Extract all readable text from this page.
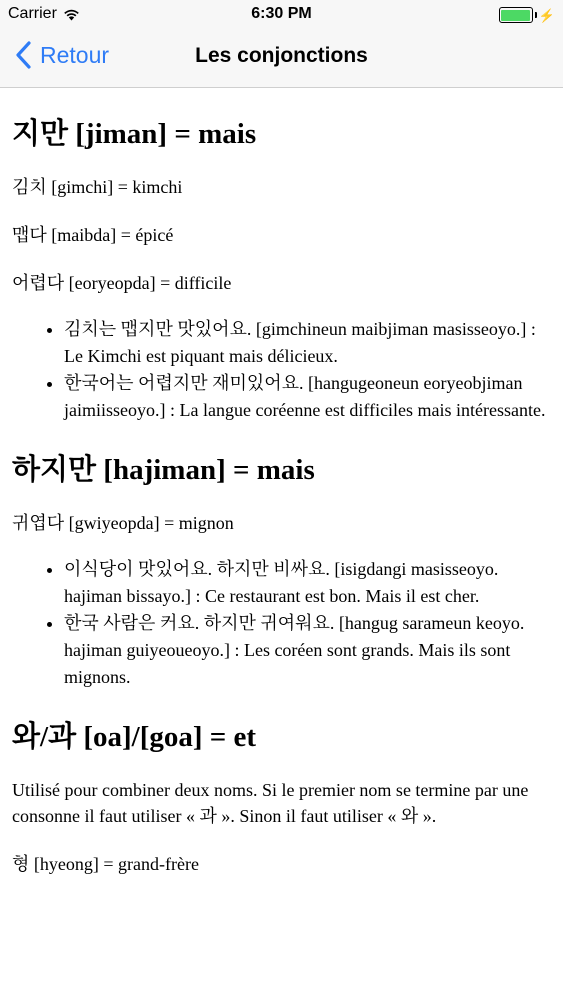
Carrier	6:30 PM	⚡
Retour	Les conjonctions
지만 [jiman] = mais

김치 [gimchi] = kimchi

맵다 [maibda] = épicé

어렵다 [eoryeopda] = difficile

• 김치는 맵지만 맛있어요. [gimchineun maibjiman masisseoyo.] : Le Kimchi est piquant mais délicieux.
• 한국어는 어렵지만 재미있어요. [hangugeoneun eoryeobjiman jaimiisseoyo.] : La langue coréenne est difficiles mais intéressante.
하지만 [hajiman] = mais

귀엽다 [gwiyeopda] = mignon

• 이식당이 맛있어요. 하지만 비싸요. [isigdangi masisseoyo. hajiman bissayo.] : Ce restaurant est bon. Mais il est cher.
• 한국 사람은 커요. 하지만 귀여워요. [hangug sarameun keoyo. hajiman guiyeoueoyo.] : Les coréen sont grands. Mais ils sont mignons.
와/과 [oa]/[goa] = et

Utilisé pour combiner deux noms. Si le premier nom se termine par une consonne il faut utiliser « 과 ». Sinon il faut utiliser « 와 ».

형 [hyeong] = grand-frère
